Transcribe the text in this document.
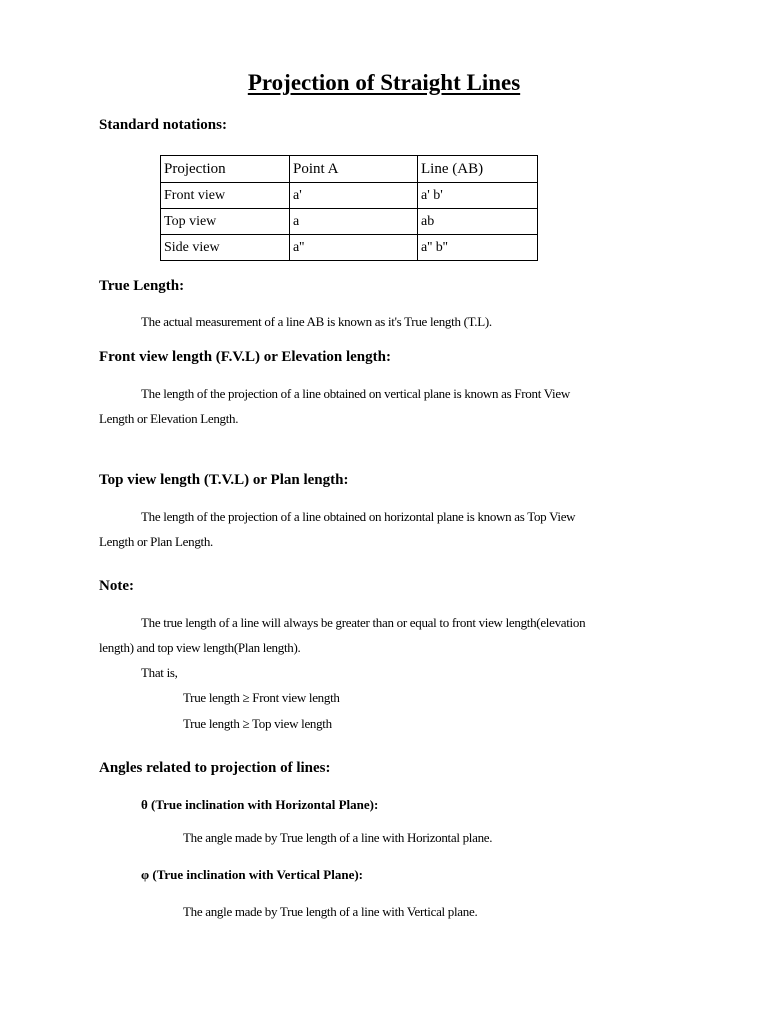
Projection of Straight Lines
Standard notations:
Projection	Point A	Line (AB)
Front view	a'	a' b'
Top view	a	ab
Side view	a''	a'' b''
True Length:
The actual measurement of a line AB is known as it's True length (T.L).
Front view length (F.V.L) or Elevation length:
The length of the projection of a line obtained on vertical plane is known as Front View
Length or Elevation Length.
Top view length (T.V.L) or Plan length:
The length of the projection of a line obtained on horizontal plane is known as Top View
Length or Plan Length.
Note:
The true length of a line will always be greater than or equal to front view length(elevation
length) and top view length(Plan length).
That is,
True length ≥ Front view length
True length ≥ Top view length
Angles related to projection of lines:
θ (True inclination with Horizontal Plane):
The angle made by True length of a line with Horizontal plane.
φ (True inclination with Vertical Plane):
The angle made by True length of a line with Vertical plane.
